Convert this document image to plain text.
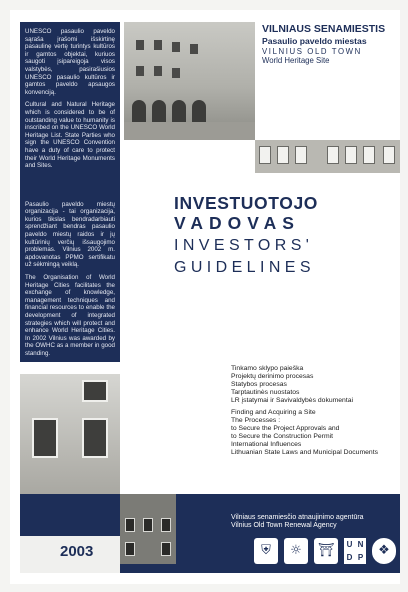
UNESCO pasaulio paveldo sąraša įrašomi išskirtinę pasaulinę vertę turintys kultūros ir gamtos objektai, kuriuos saugoti įsipareigoja visos valstybės, pasirašiusios UNESCO pasaulio kultūros ir gamtos paveldo apsaugos konvenciją.

Cultural and Natural Heritage which is considered to be of outstanding value to humanity is inscribed on the UNESCO World Heritage List. State Parties who sign the UNESCO Convention have a duty of care to protect their World Heritage Monuments and Sites.

Pasaulio paveldo miestų organizacija - tai organizacija, kurios tikslas bendradarbiauti sprendžiant bendras pasaulio paveldo miestų raidos ir jų kultūrinių verčių išsaugojimo problemas. Vilnius 2002 m. apdovanotas PPMO sertifikatu už sėkmingą veiklą.

The Organisation of World Heritage Cities facilitates the exchange of knowledge, management techniques and financial resources to enable the development of integrated strategies which will protect and enhance World Heritage Cities. In 2002 Vilnius was awarded by the OWHC as a member in good standing.

VILNIAUS SENAMIESTIS
Pasaulio paveldo miestas
VILNIUS OLD TOWN
World Heritage Site
INVESTUOTOJO
VADOVAS
INVESTORS'
GUIDELINES
Tinkamo sklypo paieška
Projektų derinimo procesas
Statybos procesas
Tarptautinės nuostatos
LR įstatymai ir Savivaldybės dokumentai
Finding and Acquiring a Site
The Processes :
to Secure the Project Approvals and
to Secure the Construction Permit
International Influences
Lithuanian State Laws and Municipal Documents
2003
Vilniaus senamiesčio atnaujinimo agentūra
Vilnius Old Town Renewal Agency
⛨	☼	⛩	U N
D P	❖
